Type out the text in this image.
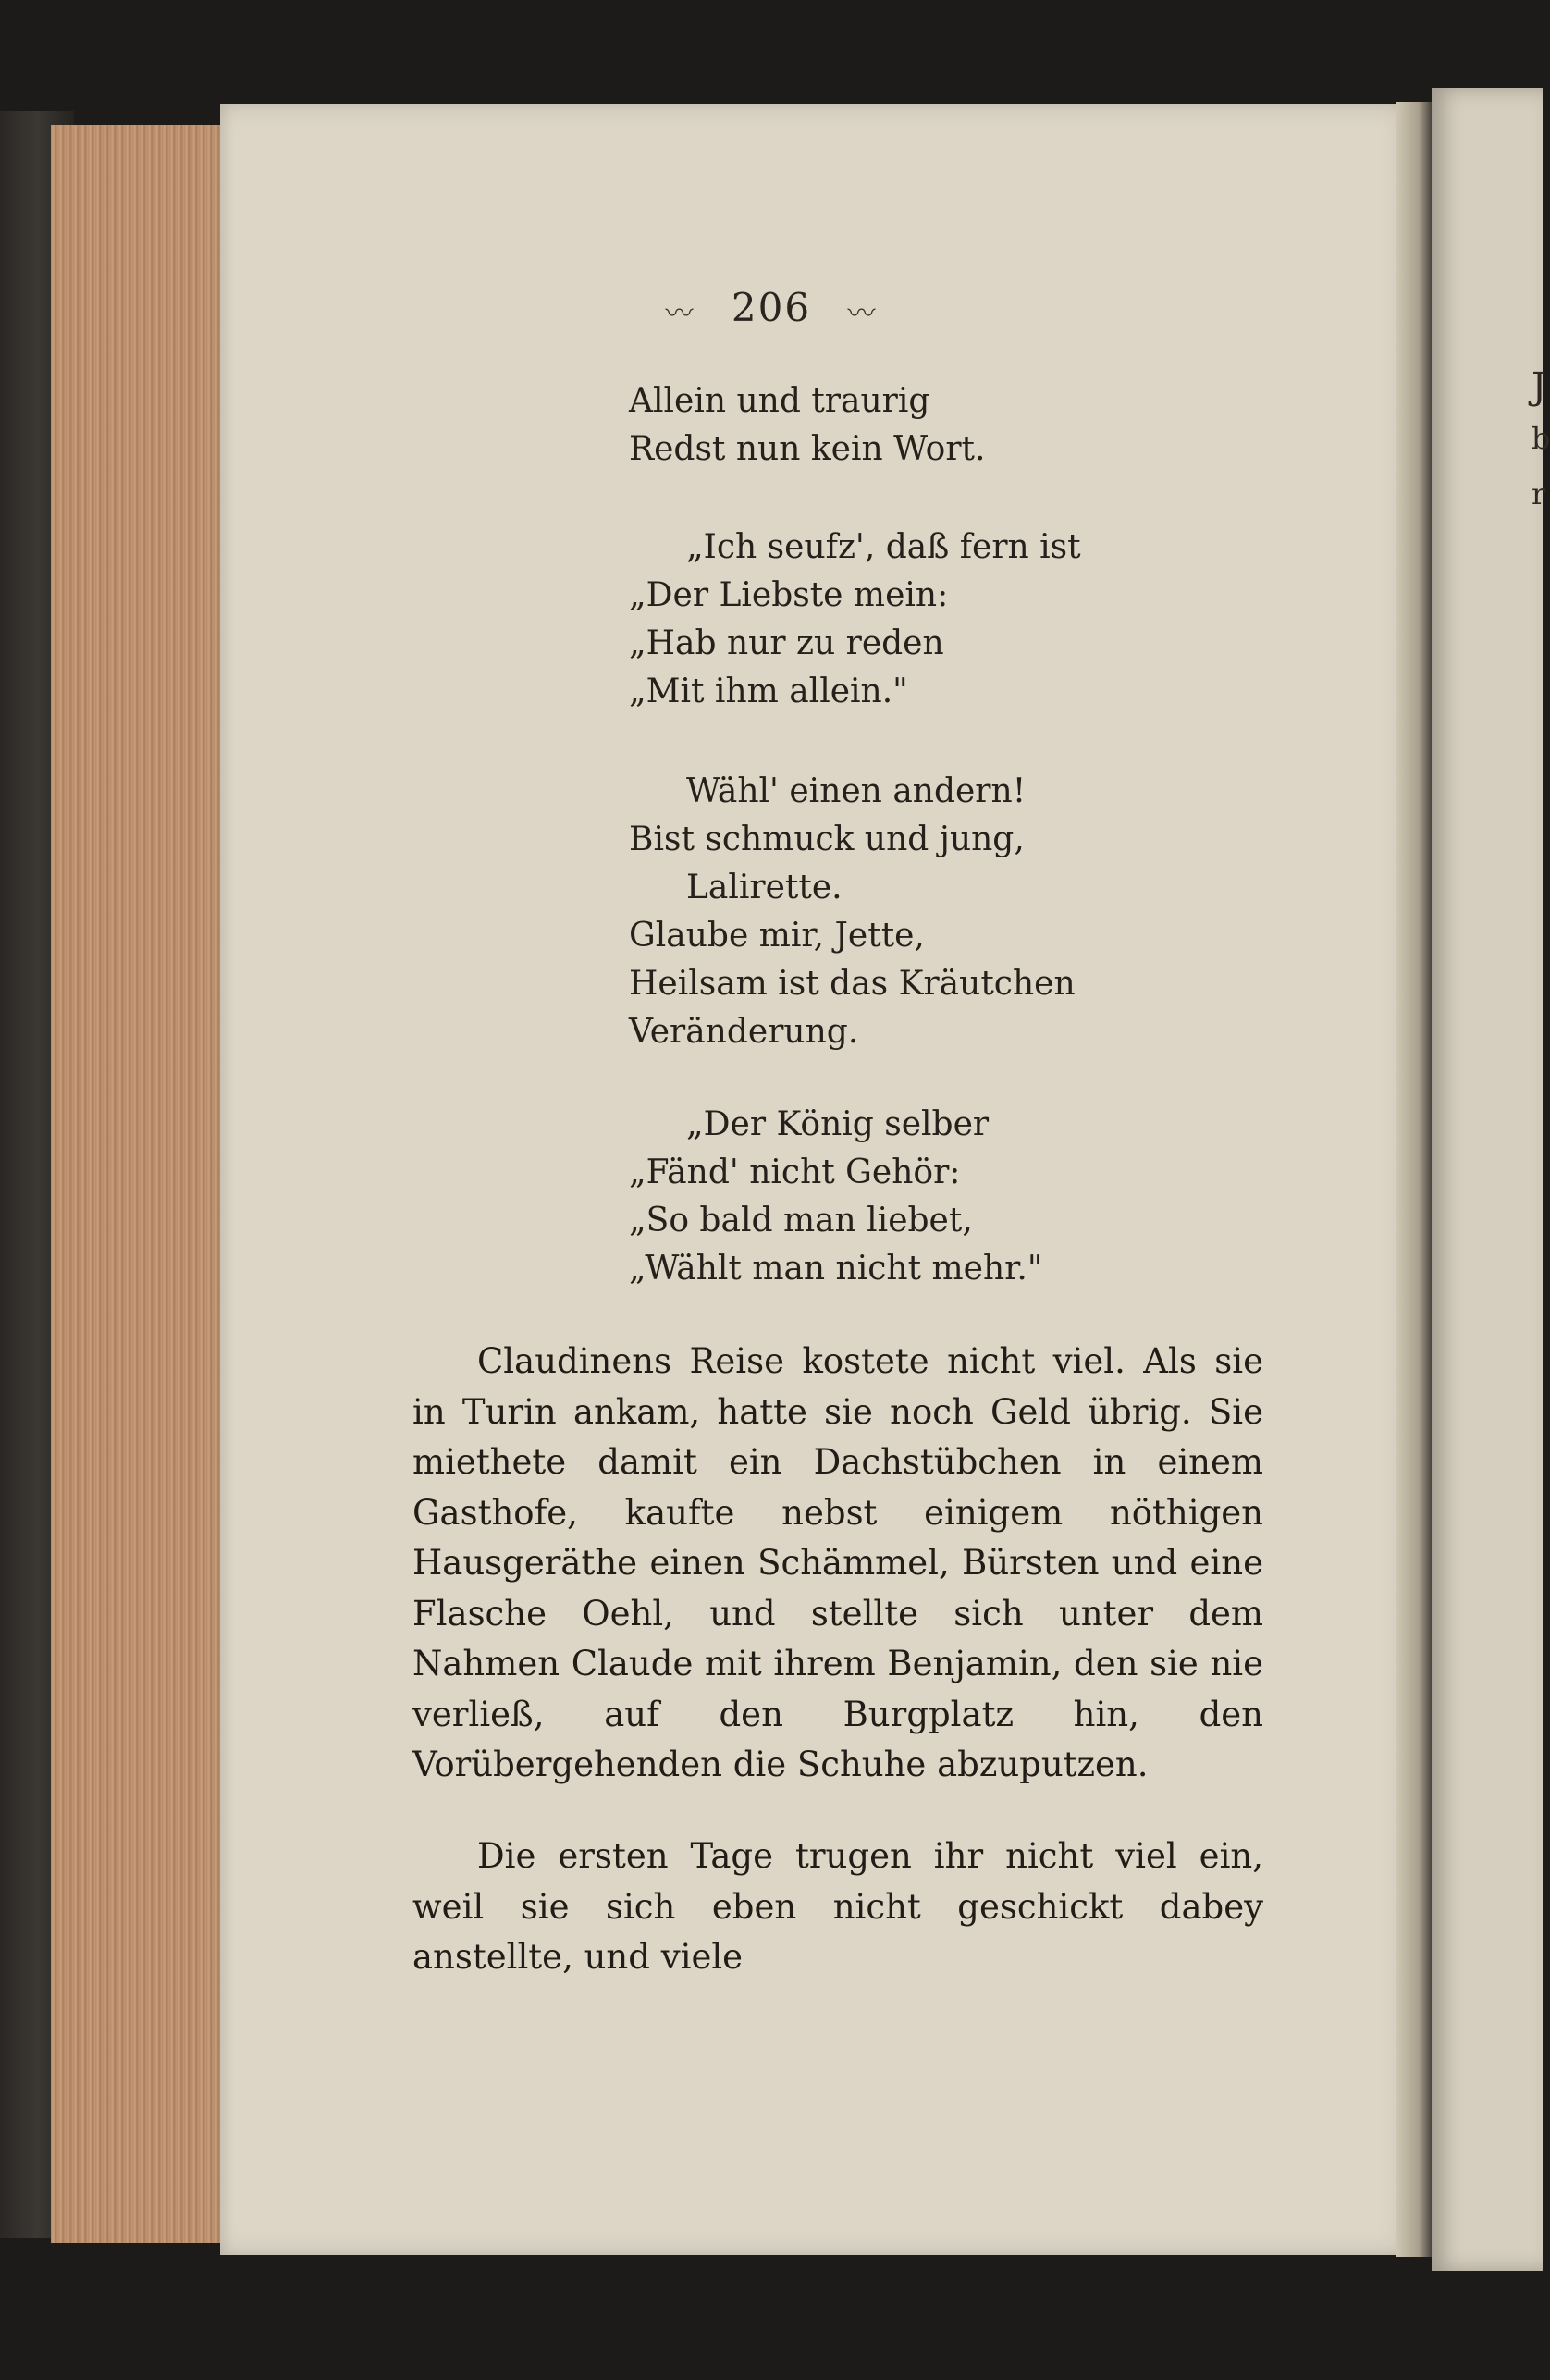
J
b
r
〰 206 〰
Allein und traurig
Redst nun kein Wort.
„Ich seufz', daß fern ist
„Der Liebste mein:
„Hab nur zu reden
„Mit ihm allein."
Wähl' einen andern!
Bist schmuck und jung,
Lalirette.
Glaube mir, Jette,
Heilsam ist das Kräutchen
Veränderung.
„Der König selber
„Fänd' nicht Gehör:
„So bald man liebet,
„Wählt man nicht mehr."

Claudinens Reise kostete nicht viel. Als sie in Turin ankam, hatte sie noch Geld übrig. Sie miethete damit ein Dachstübchen in einem Gasthofe, kaufte nebst einigem nöthigen Hausgeräthe einen Schämmel, Bürsten und eine Flasche Oehl, und stellte sich unter dem Nahmen Claude mit ihrem Benjamin, den sie nie verließ, auf den Burgplatz hin, den Vorübergehenden die Schuhe abzuputzen.

Die ersten Tage trugen ihr nicht viel ein, weil sie sich eben nicht geschickt dabey anstellte, und viele
